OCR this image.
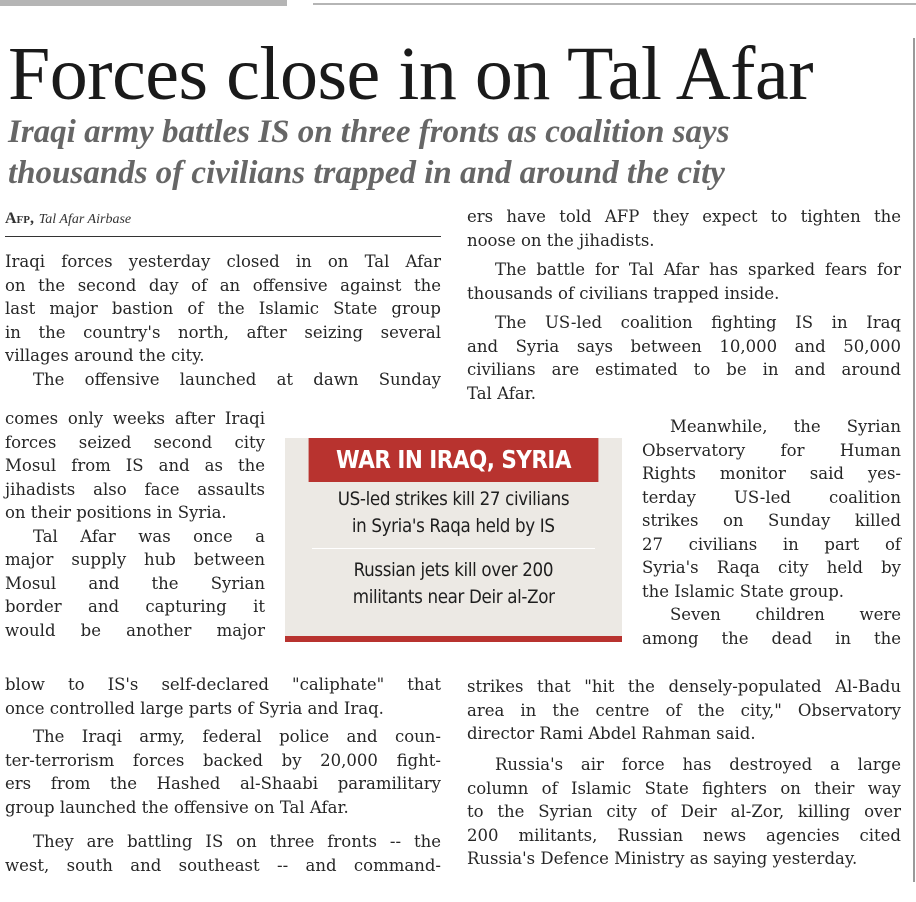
Forces close in on Tal Afar
Iraqi army battles IS on three fronts as coalition says
thousands of civilians trapped in and around the city
Afp, Tal Afar Airbase
Iraqi forces yesterday closed in on Tal Afar
on the second day of an offensive against the
last major bastion of the Islamic State group
in the country's north, after seizing several
villages around the city.
The offensive launched at dawn Sunday
comes only weeks after Iraqi
forces seized second city
Mosul from IS and as the
jihadists also face assaults
on their positions in Syria.
Tal Afar was once a
major supply hub between
Mosul and the Syrian
border and capturing it
would be another major
blow to IS's self-declared "caliphate" that
once controlled large parts of Syria and Iraq.
The Iraqi army, federal police and coun-
ter-terrorism forces backed by 20,000 fight-
ers from the Hashed al-Shaabi paramilitary
group launched the offensive on Tal Afar.
They are battling IS on three fronts -- the
west, south and southeast -- and command-
ers have told AFP they expect to tighten the
noose on the jihadists.
The battle for Tal Afar has sparked fears for
thousands of civilians trapped inside.
The US-led coalition fighting IS in Iraq
and Syria says between 10,000 and 50,000
civilians are estimated to be in and around
Tal Afar.
Meanwhile, the Syrian
Observatory for Human
Rights monitor said yes-
terday US-led coalition
strikes on Sunday killed
27 civilians in part of
Syria's Raqa city held by
the Islamic State group.
Seven children were
among the dead in the
strikes that "hit the densely-populated Al-Badu
area in the centre of the city," Observatory
director Rami Abdel Rahman said.
Russia's air force has destroyed a large
column of Islamic State fighters on their way
to the Syrian city of Deir al-Zor, killing over
200 militants, Russian news agencies cited
Russia's Defence Ministry as saying yesterday.
WAR IN IRAQ, SYRIA
US-led strikes kill 27 civilians
in Syria's Raqa held by IS
Russian jets kill over 200
militants near Deir al-Zor
